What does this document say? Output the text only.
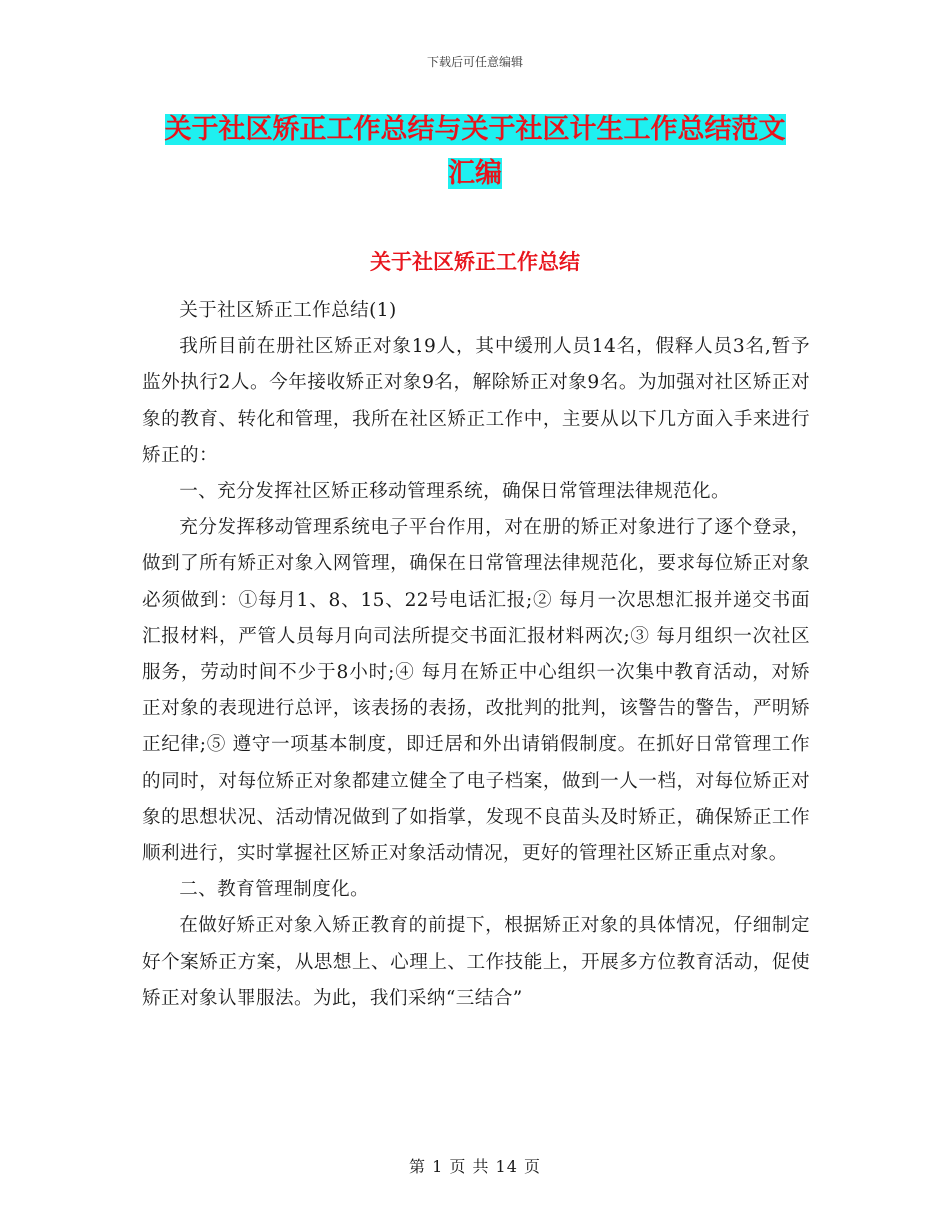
下载后可任意编辑
关于社区矫正工作总结与关于社区计生工作总结范文
汇编
关于社区矫正工作总结

关于社区矫正工作总结(1)

我所目前在册社区矫正对象19人，其中缓刑人员14名，假释人员3名,暂予监外执行2人。今年接收矫正对象9名，解除矫正对象9名。为加强对社区矫正对象的教育、转化和管理，我所在社区矫正工作中，主要从以下几方面入手来进行矫正的：

一、充分发挥社区矫正移动管理系统，确保日常管理法律规范化。

充分发挥移动管理系统电子平台作用，对在册的矫正对象进行了逐个登录，做到了所有矫正对象入网管理，确保在日常管理法律规范化，要求每位矫正对象必须做到：①每月1、8、15、22号电话汇报;② 每月一次思想汇报并递交书面汇报材料，严管人员每月向司法所提交书面汇报材料两次;③ 每月组织一次社区服务，劳动时间不少于8小时;④ 每月在矫正中心组织一次集中教育活动，对矫正对象的表现进行总评，该表扬的表扬，改批判的批判，该警告的警告，严明矫正纪律;⑤ 遵守一项基本制度，即迁居和外出请销假制度。在抓好日常管理工作的同时，对每位矫正对象都建立健全了电子档案，做到一人一档，对每位矫正对象的思想状况、活动情况做到了如指掌，发现不良苗头及时矫正，确保矫正工作顺利进行，实时掌握社区矫正对象活动情况，更好的管理社区矫正重点对象。

二、教育管理制度化。

在做好矫正对象入矫正教育的前提下，根据矫正对象的具体情况，仔细制定好个案矫正方案，从思想上、心理上、工作技能上，开展多方位教育活动，促使矫正对象认罪服法。为此，我们采纳“三结合”

第 1 页 共 14 页
